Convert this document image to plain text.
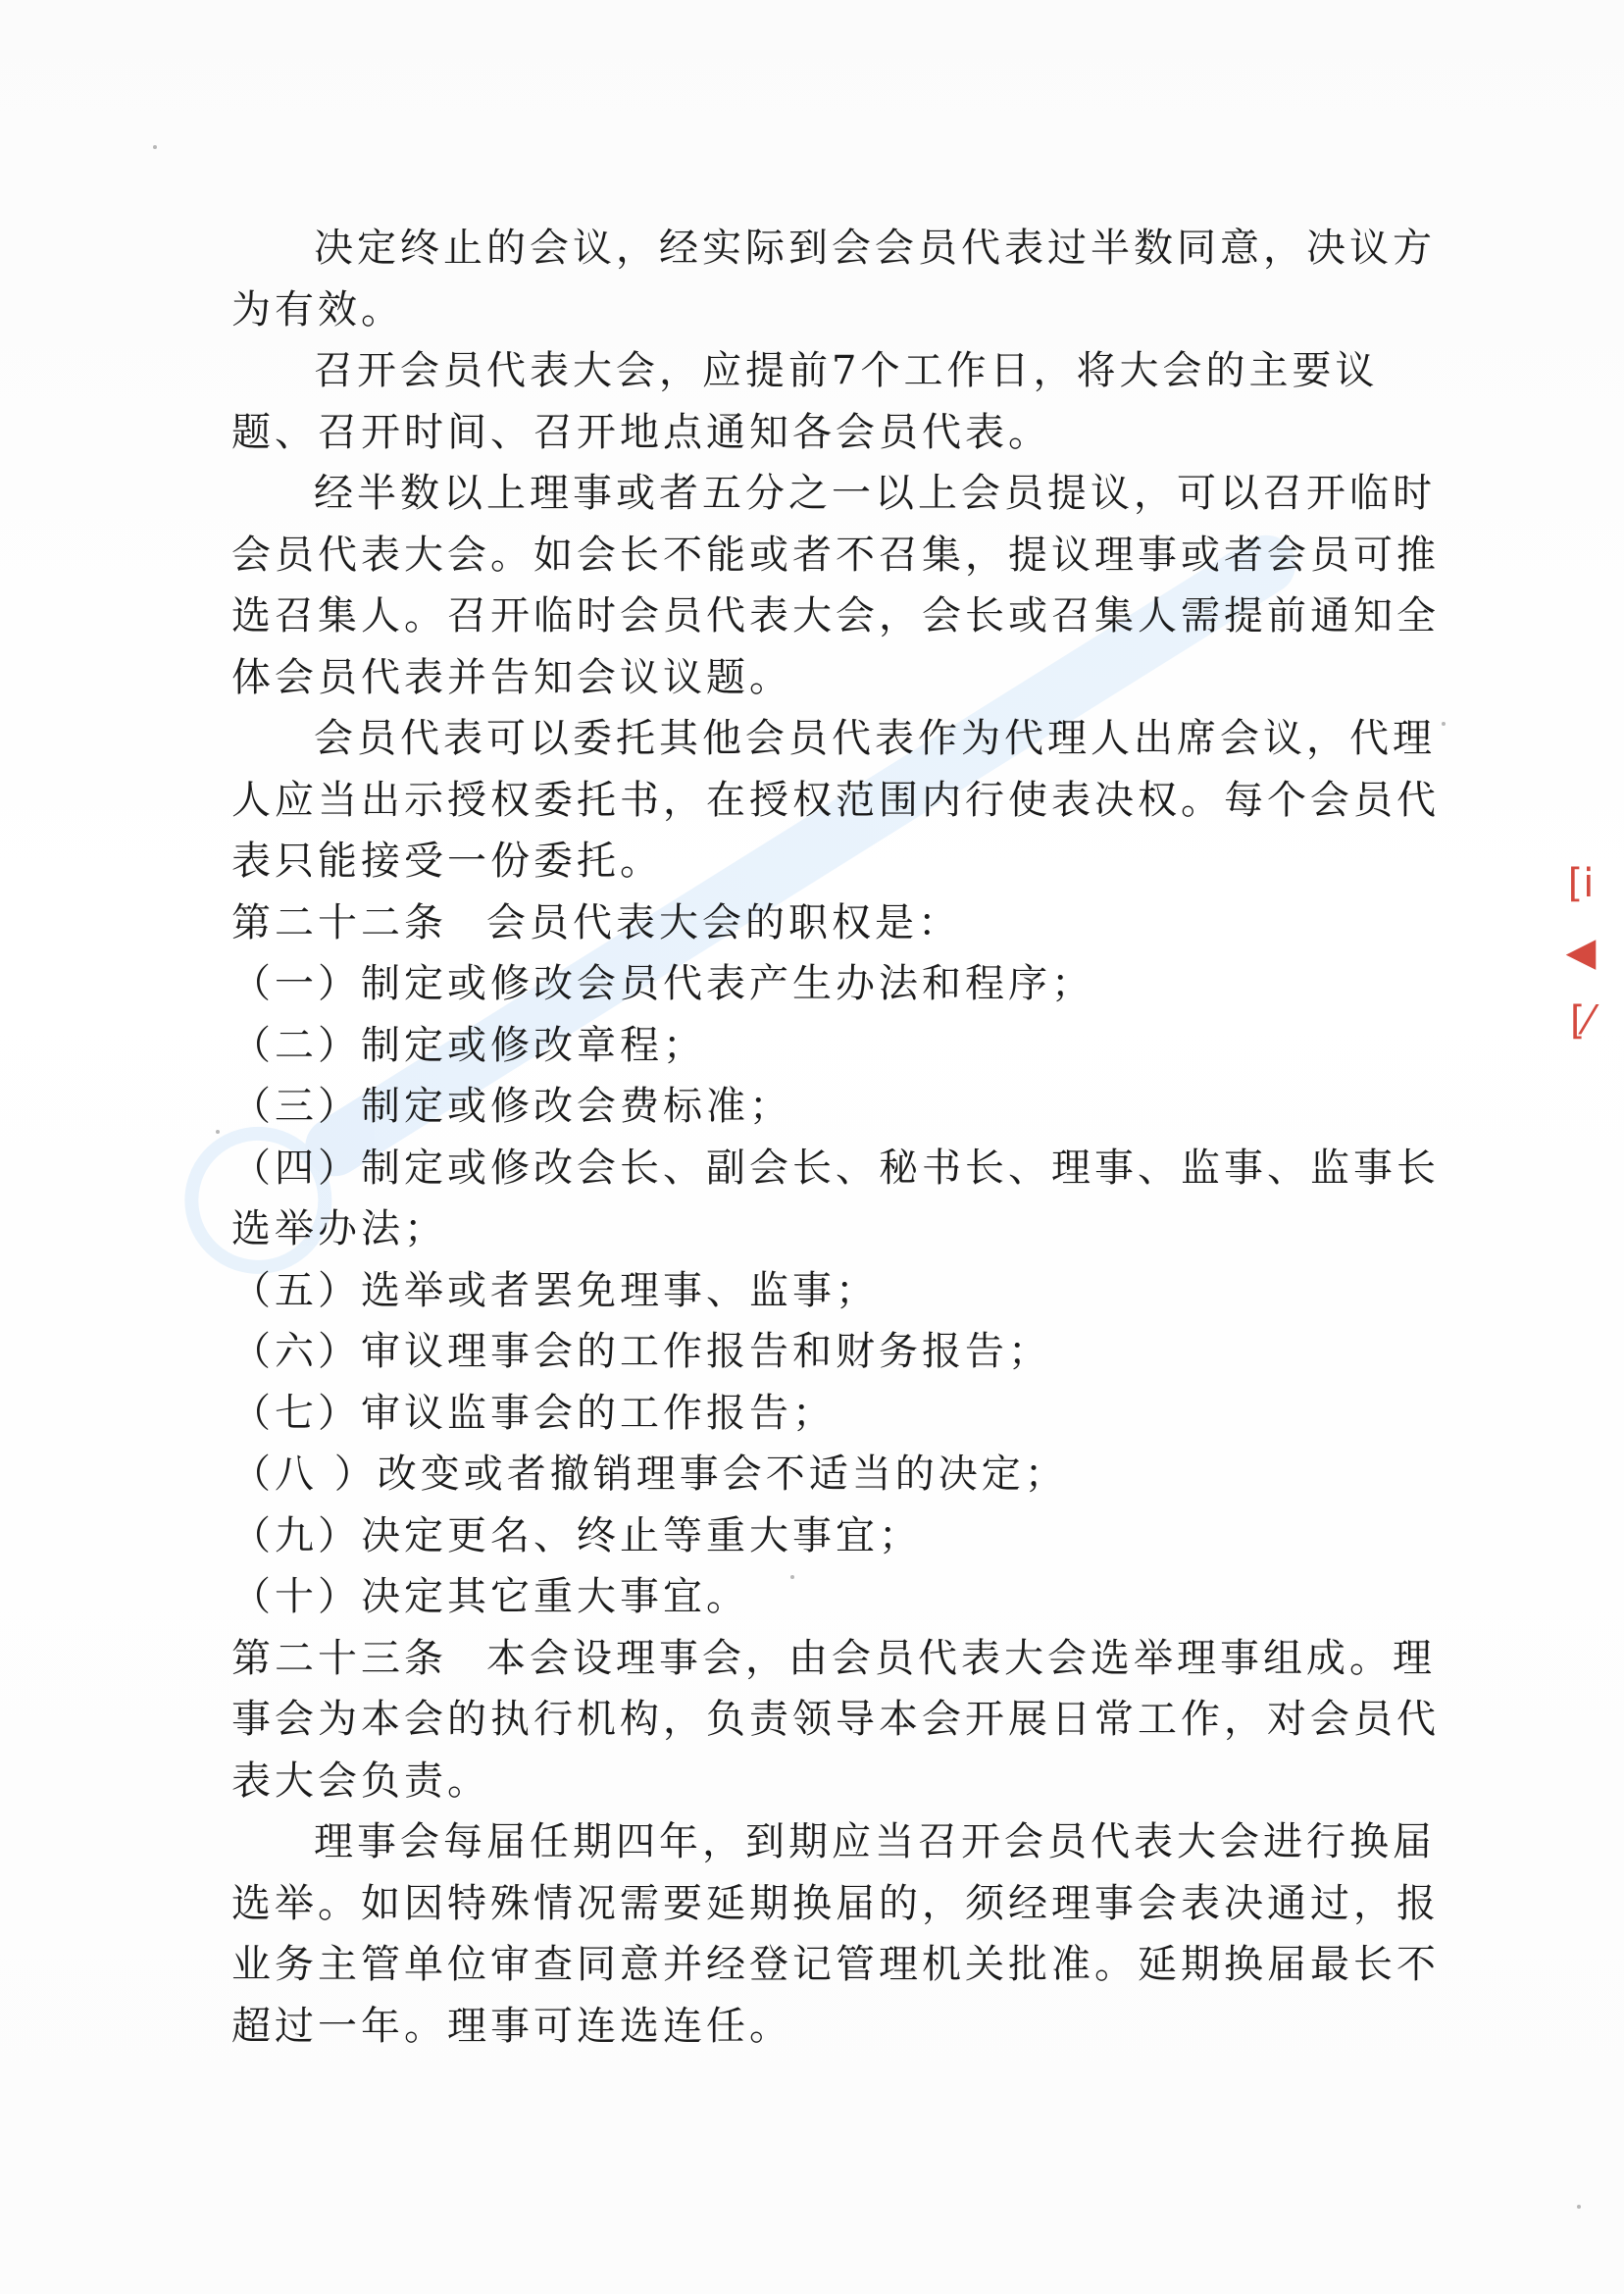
决定终止的会议，经实际到会会员代表过半数同意，决议方
为有效。
召开会员代表大会，应提前7个工作日，将大会的主要议
题、召开时间、召开地点通知各会员代表。
经半数以上理事或者五分之一以上会员提议，可以召开临时
会员代表大会。如会长不能或者不召集，提议理事或者会员可推
选召集人。召开临时会员代表大会，会长或召集人需提前通知全
体会员代表并告知会议议题。
会员代表可以委托其他会员代表作为代理人出席会议，代理
人应当出示授权委托书，在授权范围内行使表决权。每个会员代
表只能接受一份委托。
第二十二条 会员代表大会的职权是：
（一）制定或修改会员代表产生办法和程序；
（二）制定或修改章程；
（三）制定或修改会费标准；
（四）制定或修改会长、副会长、秘书长、理事、监事、监事长
选举办法；
（五）选举或者罢免理事、监事；
（六）审议理事会的工作报告和财务报告；
（七）审议监事会的工作报告；
（八 ）改变或者撤销理事会不适当的决定；
（九）决定更名、终止等重大事宜；
（十）决定其它重大事宜。
第二十三条 本会设理事会，由会员代表大会选举理事组成。理
事会为本会的执行机构，负责领导本会开展日常工作，对会员代
表大会负责。
理事会每届任期四年，到期应当召开会员代表大会进行换届
选举。如因特殊情况需要延期换届的，须经理事会表决通过，报
业务主管单位审查同意并经登记管理机关批准。延期换届最长不
超过一年。理事可连选连任。
[i
◀
[⁄
